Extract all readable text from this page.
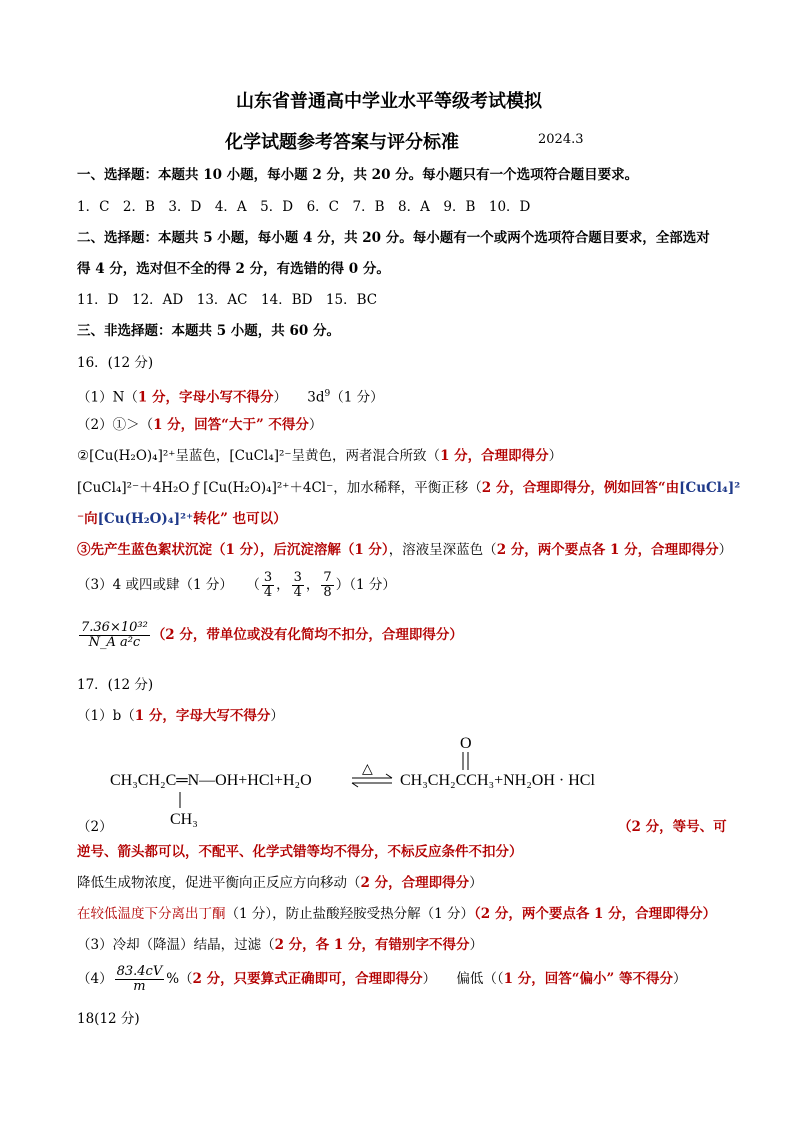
山东省普通高中学业水平等级考试模拟
化学试题参考答案与评分标准	2024.3
一、选择题：本题共 10 小题，每小题 2 分，共 20 分。每小题只有一个选项符合题目要求。
1．C　2．B　3．D　4．A　5．D　6．C　7．B　8．A　9．B　10．D
二、选择题：本题共 5 小题，每小题 4 分，共 20 分。每小题有一个或两个选项符合题目要求，全部选对
得 4 分，选对但不全的得 2 分，有选错的得 0 分。
11．D　12．AD　13．AC　14．BD　15．BC
三、非选择题：本题共 5 小题，共 60 分。
16．(12 分)
（1）N（1 分，字母小写不得分）　　$3d^9(1$ 分）
（2）①＞（1 分，回答“大于” 不得分）
②[Cu(H₂O)₄]²⁺呈蓝色，[CuCl₄]²⁻呈黄色，两者混合所致（1 分，合理即得分）
[CuCl₄]²⁻＋4H₂O ƒ [Cu(H₂O)₄]²⁺＋4Cl⁻，加水稀释，平衡正移（2 分，合理即得分，例如回答“由[CuCl₄]²
⁻向[Cu(H₂O)₄]²⁺转化” 也可以）
③先产生蓝色絮状沉淀（1 分），后沉淀溶解（1 分），溶液呈深蓝色（2 分，两个要点各 1 分，合理即得分）
（3）4 或四或肆（1 分）　　（ $\frac{3}{4}$ ， $\frac{3}{4}$ ， $\frac{7}{8} )(1$ 分）
$\frac{\text{7.36×10³²}}{\text{N\_A a²c}} (2$ 分，带单位或没有化简均不扣分，合理即得分）
17．(12 分)
（1）b（1 分，字母大写不得分）
CH₃CH₂C═N—OH+HCl+H₂O
CH₃
△
CH₃CH₂CCH₃+NH₂OH · HCl
O
（2）	（2 分，等号、可
逆号、箭头都可以，不配平、化学式错等均不得分，不标反应条件不扣分）
降低生成物浓度，促进平衡向正反应方向移动（2 分，合理即得分）
在较低温度下分离出丁酮（1 分），防止盐酸羟胺受热分解（1 分）（2 分，两个要点各 1 分，合理即得分）
（3）冷却（降温）结晶，过滤（2 分，各 1 分，有错别字不得分）
$(4) \frac{83.4cV}{m} \%(2$ 分，只要算式正确即可，合理即得分）　　偏低（（1 分，回答“偏小” 等不得分）
18(12 分)
